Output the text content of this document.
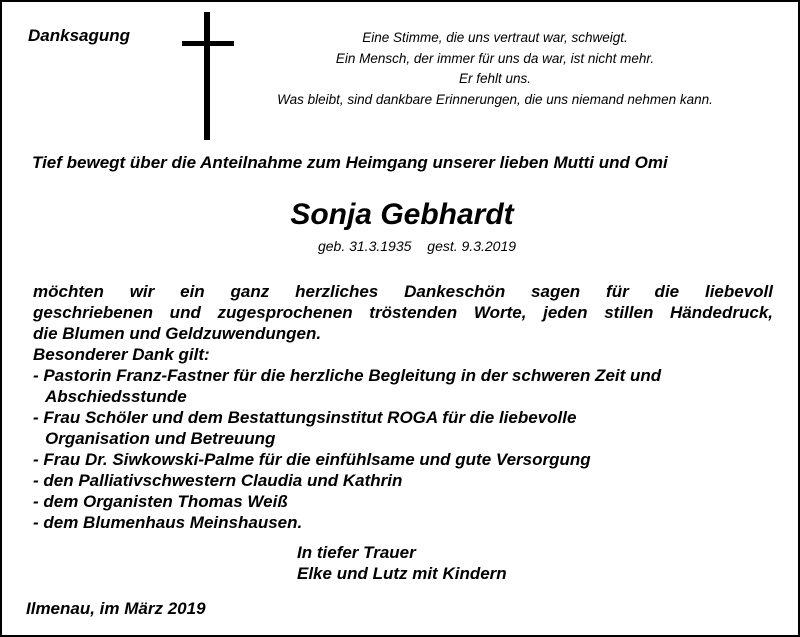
Danksagung	Eine Stimme, die uns vertraut war, schweigt.
Ein Mensch, der immer für uns da war, ist nicht mehr.
Er fehlt uns.
Was bleibt, sind dankbare Erinnerungen, die uns niemand nehmen kann.
Tief bewegt über die Anteilnahme zum Heimgang unserer lieben Mutti und Omi
Sonja Gebhardt
geb. 31.3.1935 gest. 9.3.2019
möchten wir ein ganz herzliches Dankeschön sagen für die liebevoll
geschriebenen und zugesprochenen tröstenden Worte, jeden stillen Händedruck,
die Blumen und Geldzuwendungen.
Besonderer Dank gilt:
- Pastorin Franz-Fastner für die herzliche Begleitung in der schweren Zeit und
Abschiedsstunde
- Frau Schöler und dem Bestattungsinstitut ROGA für die liebevolle
Organisation und Betreuung
- Frau Dr. Siwkowski-Palme für die einfühlsame und gute Versorgung
- den Palliativschwestern Claudia und Kathrin
- dem Organisten Thomas Weiß
- dem Blumenhaus Meinshausen.
In tiefer Trauer
Elke und Lutz mit Kindern
Ilmenau, im März 2019
